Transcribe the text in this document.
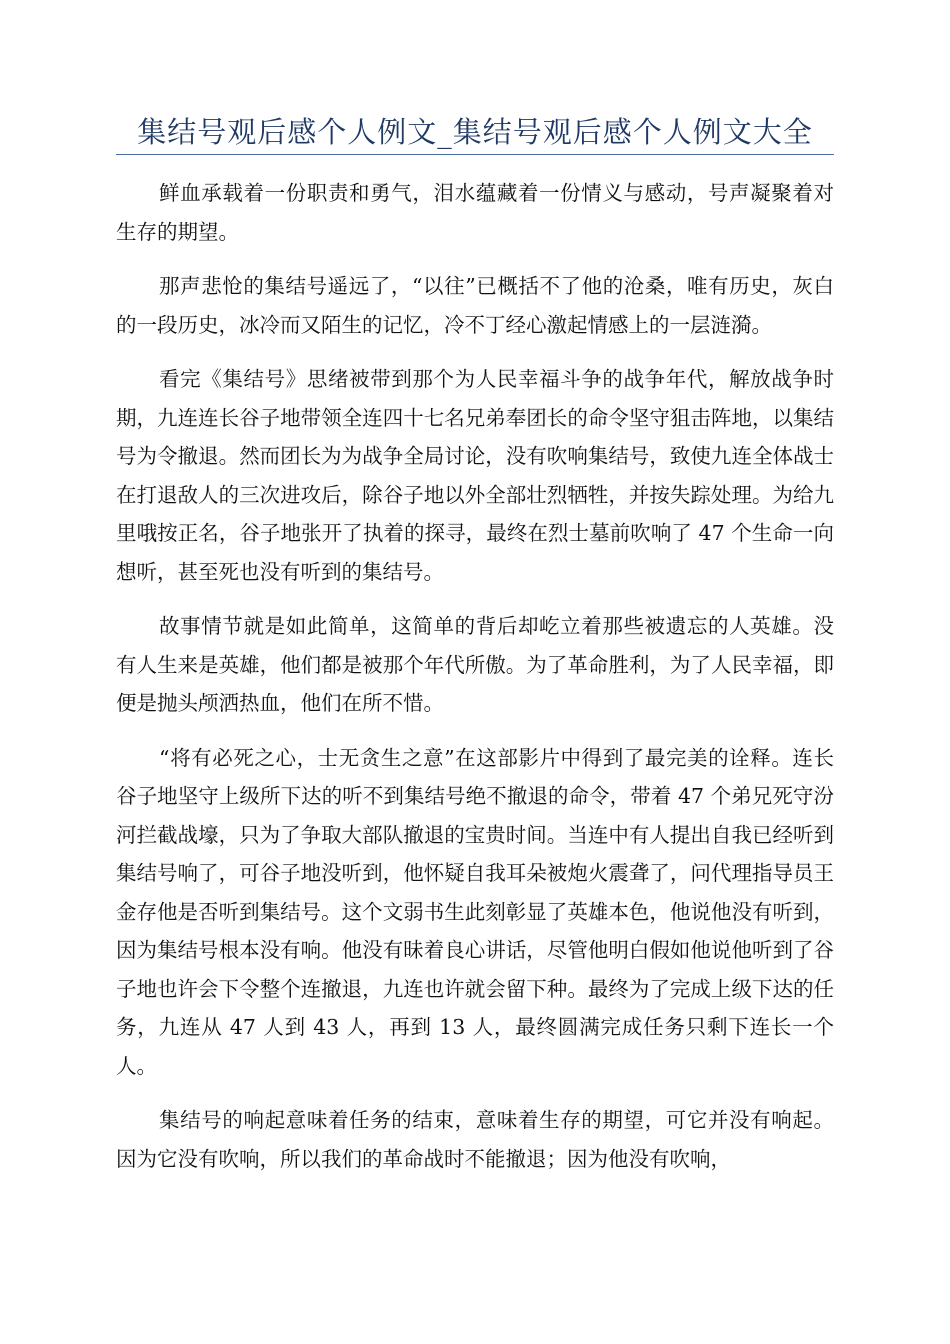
集结号观后感个人例文_集结号观后感个人例文大全

鲜血承载着一份职责和勇气，泪水蕴藏着一份情义与感动，号声凝聚着对生存的期望。

那声悲怆的集结号遥远了，“以往”已概括不了他的沧桑，唯有历史，灰白的一段历史，冰冷而又陌生的记忆，冷不丁经心激起情感上的一层涟漪。

看完《集结号》思绪被带到那个为人民幸福斗争的战争年代，解放战争时期，九连连长谷子地带领全连四十七名兄弟奉团长的命令坚守狙击阵地，以集结号为令撤退。然而团长为为战争全局讨论，没有吹响集结号，致使九连全体战士在打退敌人的三次进攻后，除谷子地以外全部壮烈牺牲，并按失踪处理。为给九里哦按正名，谷子地张开了执着的探寻，最终在烈士墓前吹响了 47 个生命一向想听，甚至死也没有听到的集结号。

故事情节就是如此简单，这简单的背后却屹立着那些被遗忘的人英雄。没有人生来是英雄，他们都是被那个年代所傲。为了革命胜利，为了人民幸福，即便是抛头颅洒热血，他们在所不惜。

“将有必死之心，士无贪生之意”在这部影片中得到了最完美的诠释。连长谷子地坚守上级所下达的听不到集结号绝不撤退的命令，带着 47 个弟兄死守汾河拦截战壕，只为了争取大部队撤退的宝贵时间。当连中有人提出自我已经听到集结号响了，可谷子地没听到，他怀疑自我耳朵被炮火震聋了，问代理指导员王金存他是否听到集结号。这个文弱书生此刻彰显了英雄本色，他说他没有听到，因为集结号根本没有响。他没有昧着良心讲话，尽管他明白假如他说他听到了谷子地也许会下令整个连撤退，九连也许就会留下种。最终为了完成上级下达的任务，九连从 47 人到 43 人，再到 13 人，最终圆满完成任务只剩下连长一个人。

集结号的响起意味着任务的结束，意味着生存的期望，可它并没有响起。因为它没有吹响，所以我们的革命战时不能撤退；因为他没有吹响，
